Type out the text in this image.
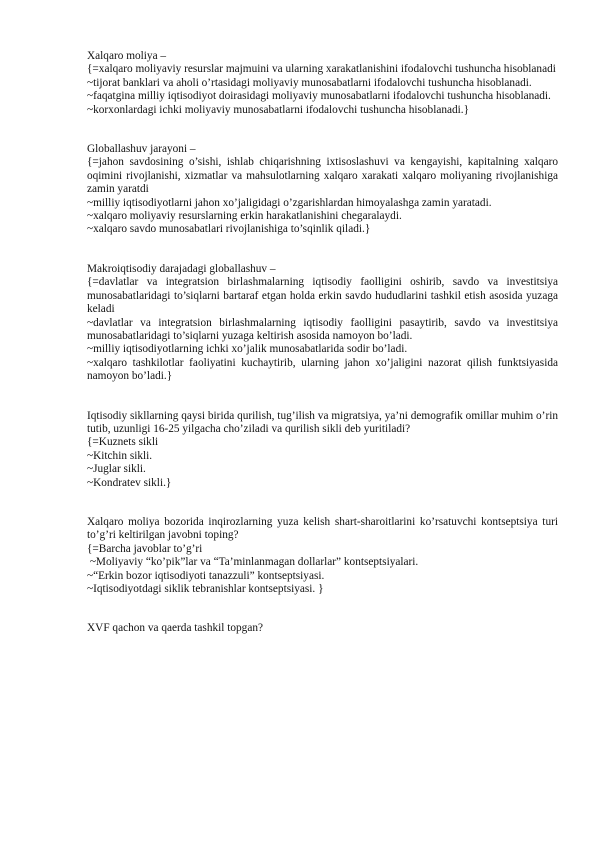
Xalqaro moliya –

{=xalqaro moliyaviy resurslar majmuini va ularning xarakatlanishini ifodalovchi tushuncha hisoblanadi

~tijorat banklari va aholi o’rtasidagi moliyaviy munosabatlarni ifodalovchi tushuncha hisoblanadi.

~faqatgina milliy iqtisodiyot doirasidagi moliyaviy munosabatlarni ifodalovchi tushuncha hisoblanadi.

~korxonlardagi ichki moliyaviy munosabatlarni ifodalovchi tushuncha hisoblanadi.}

Globallashuv jarayoni –

{=jahon savdosining o’sishi, ishlab chiqarishning ixtisoslashuvi va kengayishi, kapitalning xalqaro oqimini rivojlanishi, xizmatlar va mahsulotlarning xalqaro xarakati xalqaro moliyaning rivojlanishiga zamin yaratdi

~milliy iqtisodiyotlarni jahon xo’jaligidagi o’zgarishlardan himoyalashga zamin yaratadi.

~xalqaro moliyaviy resurslarning erkin harakatlanishini chegaralaydi.

~xalqaro savdo munosabatlari rivojlanishiga to’sqinlik qiladi.}

Makroiqtisodiy darajadagi globallashuv –

{=davlatlar va integratsion birlashmalarning iqtisodiy faolligini oshirib, savdo va investitsiya munosabatlaridagi to’siqlarni bartaraf etgan holda erkin savdo hududlarini tashkil etish asosida yuzaga keladi

~davlatlar va integratsion birlashmalarning iqtisodiy faolligini pasaytirib, savdo va investitsiya munosabatlaridagi to’siqlarni yuzaga keltirish asosida namoyon bo’ladi.

~milliy iqtisodiyotlarning ichki xo’jalik munosabatlarida sodir bo’ladi.

~xalqaro tashkilotlar faoliyatini kuchaytirib, ularning jahon xo’jaligini nazorat qilish funktsiyasida namoyon bo’ladi.}

Iqtisodiy sikllarning qaysi birida qurilish, tug’ilish va migratsiya, ya’ni demografik omillar muhim o’rin tutib, uzunligi 16-25 yilgacha cho’ziladi va qurilish sikli deb yuritiladi?

{=Kuznets sikli

~Kitchin sikli.

~Juglar sikli.

~Kondratev sikli.}

Xalqaro moliya bozorida inqirozlarning yuza kelish shart-sharoitlarini ko’rsatuvchi kontseptsiya turi to’g’ri keltirilgan javobni toping?

{=Barcha javoblar to’g’ri

~Moliyaviy “ko’pik”lar va “Ta’minlanmagan dollarlar” kontseptsiyalari.

~“Erkin bozor iqtisodiyoti tanazzuli” kontseptsiyasi.

~Iqtisodiyotdagi siklik tebranishlar kontseptsiyasi. }

XVF qachon va qaerda tashkil topgan?
